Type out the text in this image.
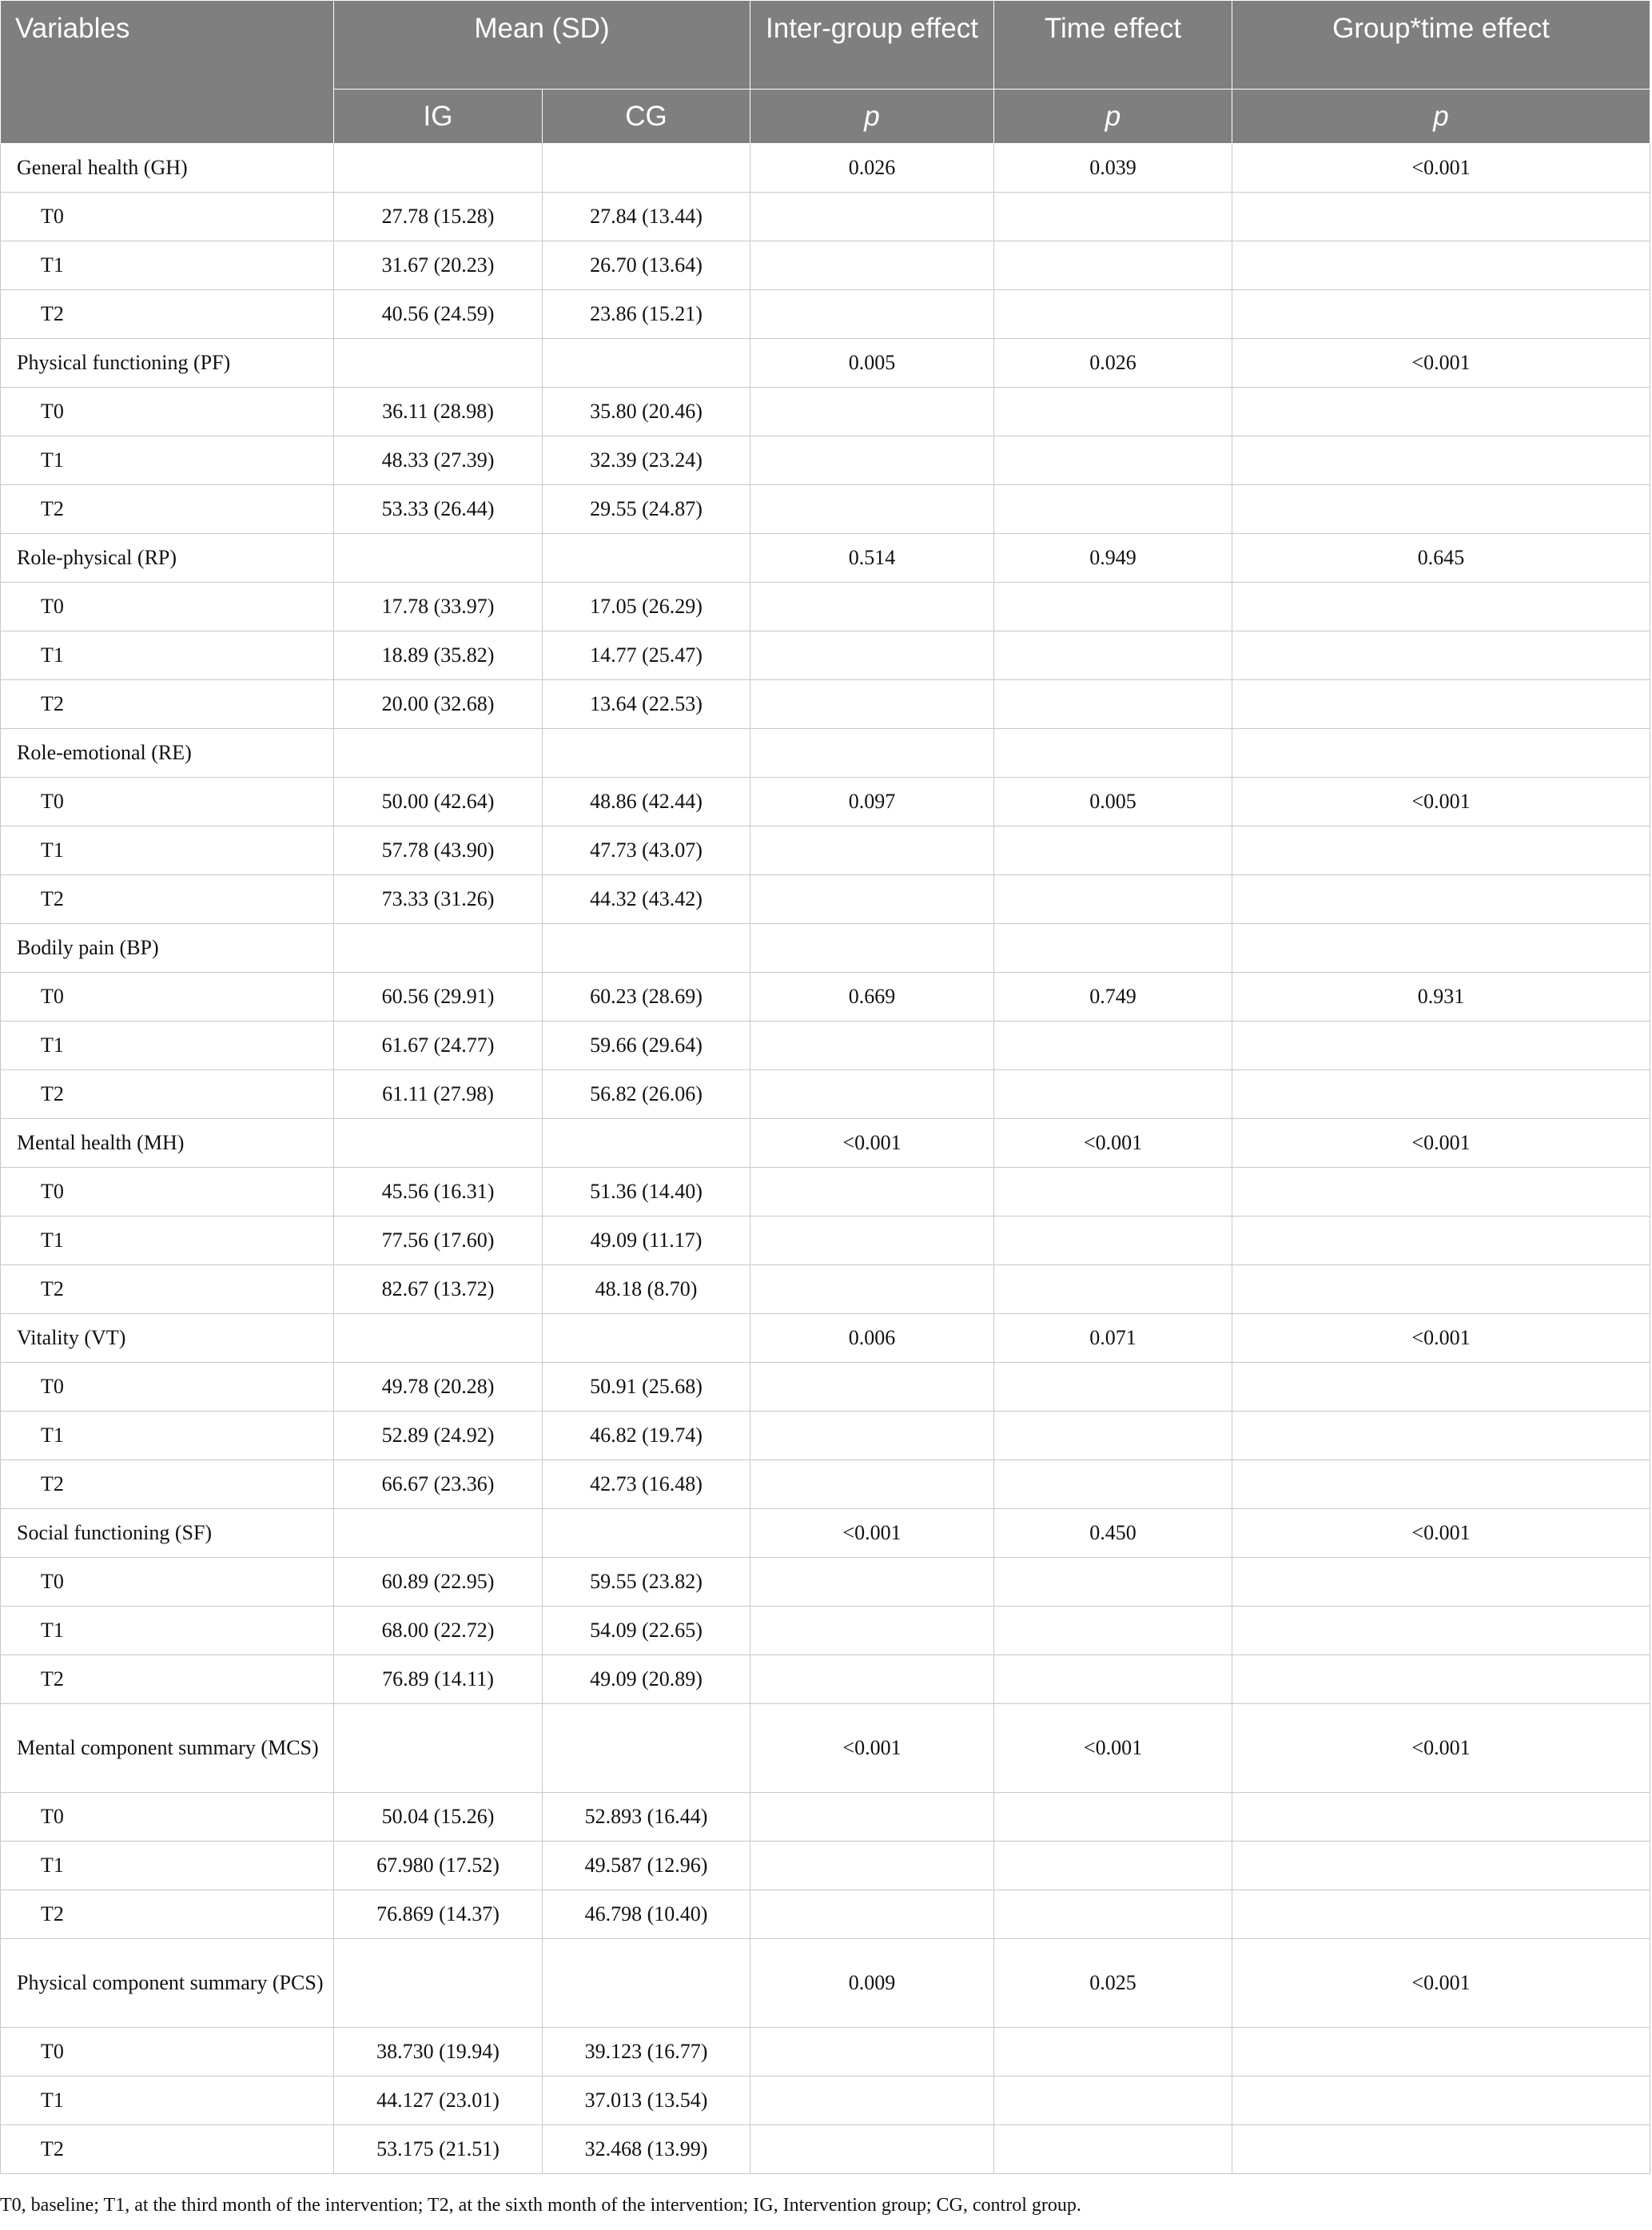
Variables	Mean (SD)		Inter-group effect	Time effect	Group*time effect
	IG	CG	p	p	p
General health (GH)			0.026	0.039	<0.001
T0	27.78 (15.28)	27.84 (13.44)			
T1	31.67 (20.23)	26.70 (13.64)			
T2	40.56 (24.59)	23.86 (15.21)			
Physical functioning (PF)			0.005	0.026	<0.001
T0	36.11 (28.98)	35.80 (20.46)			
T1	48.33 (27.39)	32.39 (23.24)			
T2	53.33 (26.44)	29.55 (24.87)			
Role-physical (RP)			0.514	0.949	0.645
T0	17.78 (33.97)	17.05 (26.29)			
T1	18.89 (35.82)	14.77 (25.47)			
T2	20.00 (32.68)	13.64 (22.53)			
Role-emotional (RE)					
T0	50.00 (42.64)	48.86 (42.44)	0.097	0.005	<0.001
T1	57.78 (43.90)	47.73 (43.07)			
T2	73.33 (31.26)	44.32 (43.42)			
Bodily pain (BP)					
T0	60.56 (29.91)	60.23 (28.69)	0.669	0.749	0.931
T1	61.67 (24.77)	59.66 (29.64)			
T2	61.11 (27.98)	56.82 (26.06)			
Mental health (MH)			<0.001	<0.001	<0.001
T0	45.56 (16.31)	51.36 (14.40)			
T1	77.56 (17.60)	49.09 (11.17)			
T2	82.67 (13.72)	48.18 (8.70)			
Vitality (VT)			0.006	0.071	<0.001
T0	49.78 (20.28)	50.91 (25.68)			
T1	52.89 (24.92)	46.82 (19.74)			
T2	66.67 (23.36)	42.73 (16.48)			
Social functioning (SF)			<0.001	0.450	<0.001
T0	60.89 (22.95)	59.55 (23.82)			
T1	68.00 (22.72)	54.09 (22.65)			
T2	76.89 (14.11)	49.09 (20.89)			
Mental component summary (MCS)			<0.001	<0.001	<0.001
T0	50.04 (15.26)	52.893 (16.44)			
T1	67.980 (17.52)	49.587 (12.96)			
T2	76.869 (14.37)	46.798 (10.40)			
Physical component summary (PCS)			0.009	0.025	<0.001
T0	38.730 (19.94)	39.123 (16.77)			
T1	44.127 (23.01)	37.013 (13.54)			
T2	53.175 (21.51)	32.468 (13.99)			
T0, baseline; T1, at the third month of the intervention; T2, at the sixth month of the intervention; IG, Intervention group; CG, control group.
